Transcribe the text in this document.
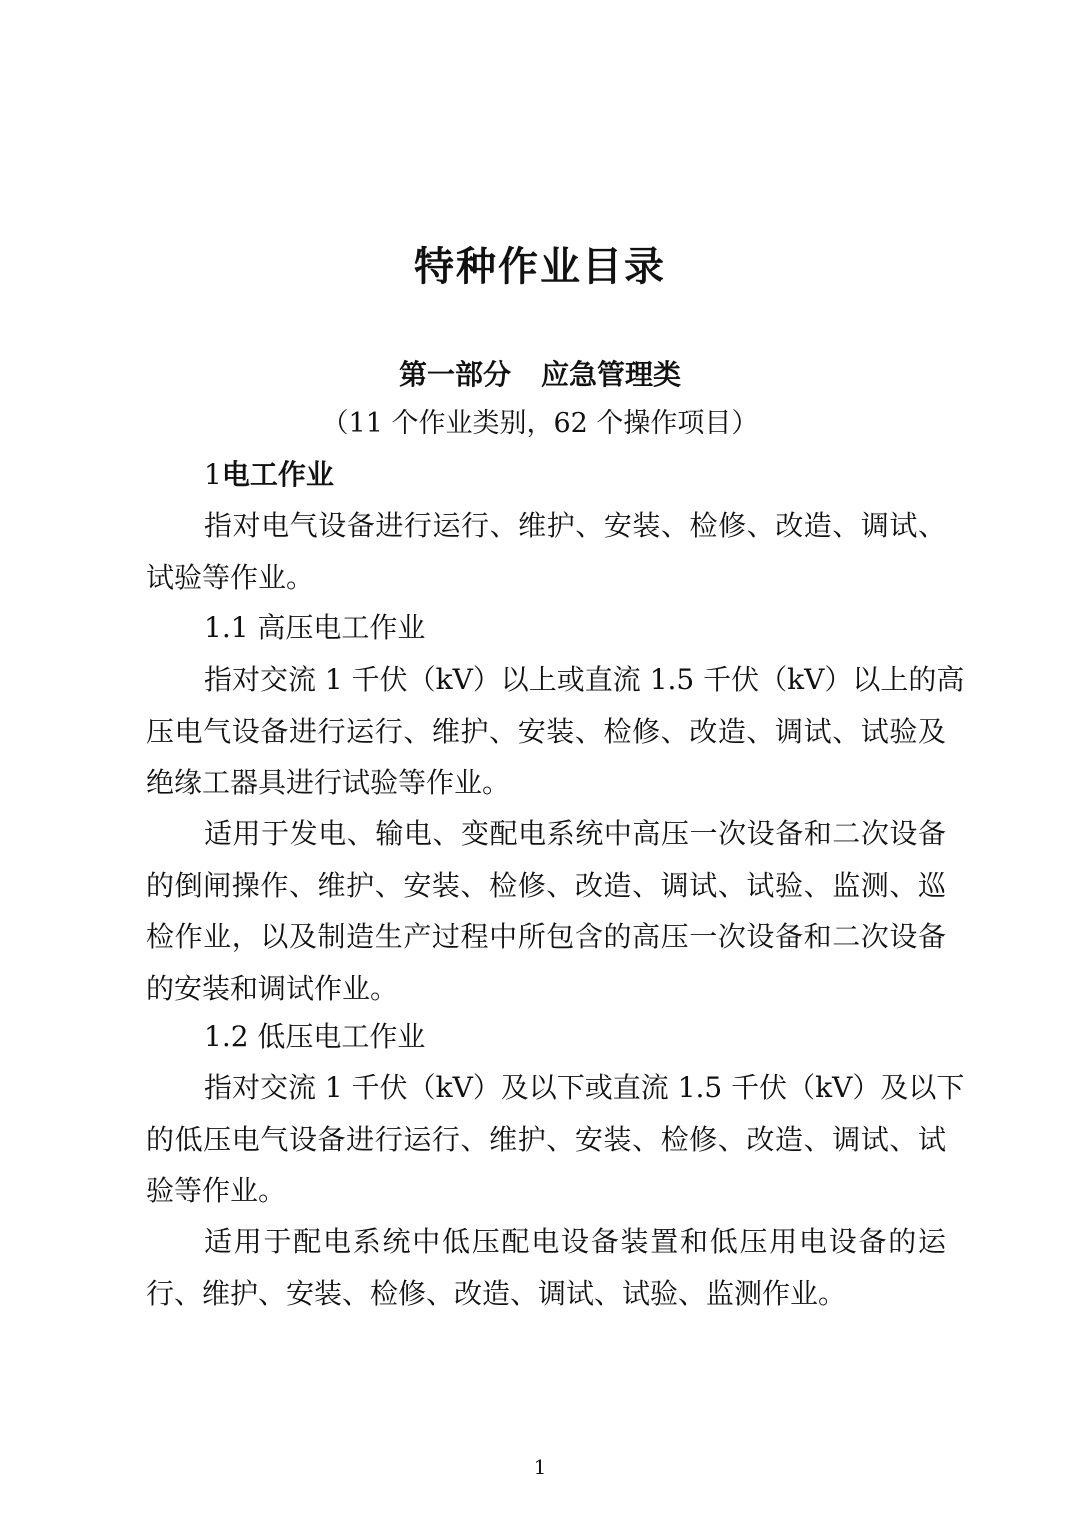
特种作业目录
第一部分 应急管理类
（11 个作业类别，62 个操作项目）
1电工作业
指对电气设备进行运行、维护、安装、检修、改造、调试、
试验等作业。
1.1 高压电工作业
指对交流 1 千伏（kV）以上或直流 1.5 千伏（kV）以上的高
压电气设备进行运行、维护、安装、检修、改造、调试、试验及
绝缘工器具进行试验等作业。
适用于发电、输电、变配电系统中高压一次设备和二次设备
的倒闸操作、维护、安装、检修、改造、调试、试验、监测、巡
检作业，以及制造生产过程中所包含的高压一次设备和二次设备
的安装和调试作业。
1.2 低压电工作业
指对交流 1 千伏（kV）及以下或直流 1.5 千伏（kV）及以下
的低压电气设备进行运行、维护、安装、检修、改造、调试、试
验等作业。
适用于配电系统中低压配电设备装置和低压用电设备的运
行、维护、安装、检修、改造、调试、试验、监测作业。
1
